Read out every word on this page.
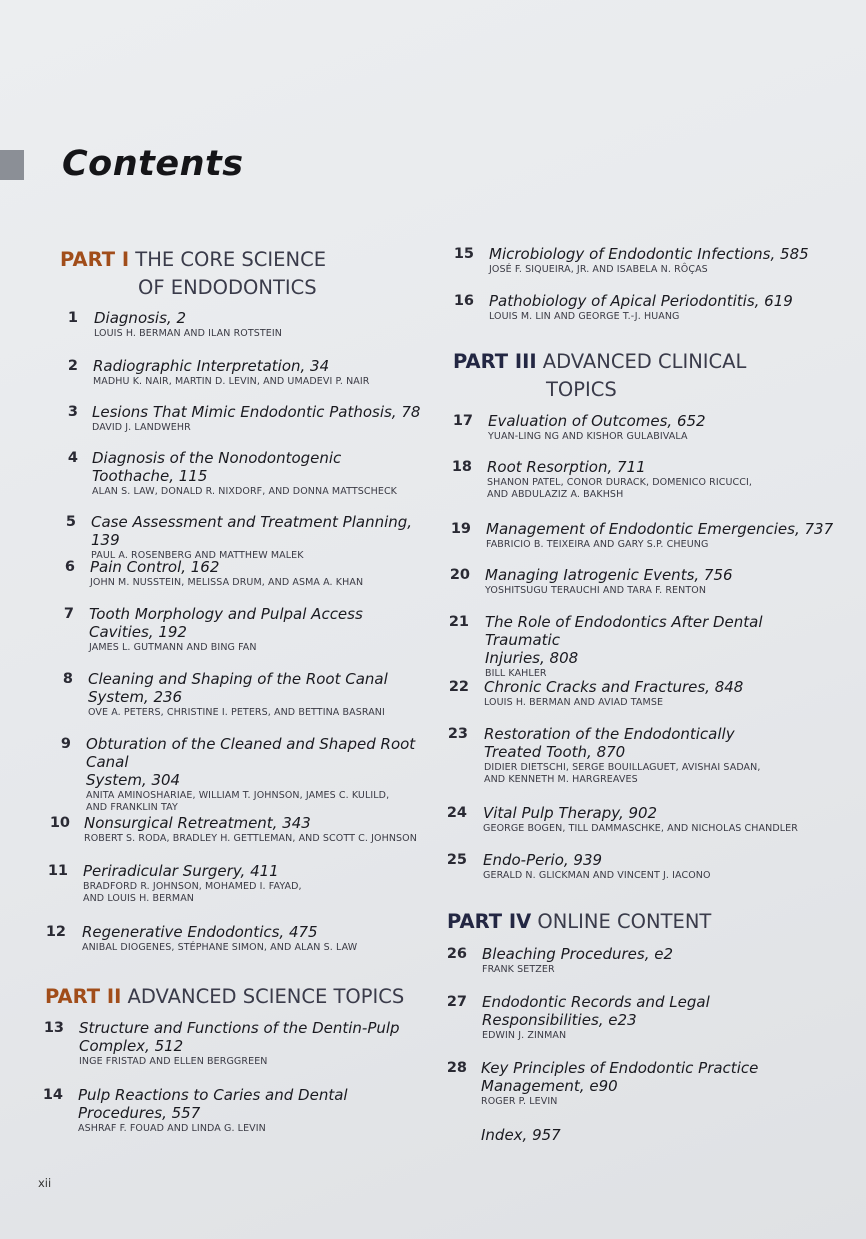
Contents
PART I THE CORE SCIENCE
OF ENDODONTICS
PART II ADVANCED SCIENCE TOPICS
PART III ADVANCED CLINICAL
TOPICS
PART IV ONLINE CONTENT
1 Diagnosis, 2
LOUIS H. BERMAN AND ILAN ROTSTEIN
2 Radiographic Interpretation, 34
MADHU K. NAIR, MARTIN D. LEVIN, AND UMADEVI P. NAIR
3 Lesions That Mimic Endodontic Pathosis, 78
DAVID J. LANDWEHR
4 Diagnosis of the Nonodontogenic
Toothache, 115
ALAN S. LAW, DONALD R. NIXDORF, AND DONNA MATTSCHECK
5 Case Assessment and Treatment Planning, 139
PAUL A. ROSENBERG AND MATTHEW MALEK
6 Pain Control, 162
JOHN M. NUSSTEIN, MELISSA DRUM, AND ASMA A. KHAN
7 Tooth Morphology and Pulpal Access
Cavities, 192
JAMES L. GUTMANN AND BING FAN
8 Cleaning and Shaping of the Root Canal
System, 236
OVE A. PETERS, CHRISTINE I. PETERS, AND BETTINA BASRANI
9 Obturation of the Cleaned and Shaped Root Canal
System, 304
ANITA AMINOSHARIAE, WILLIAM T. JOHNSON, JAMES C. KULILD,
AND FRANKLIN TAY
10 Nonsurgical Retreatment, 343
ROBERT S. RODA, BRADLEY H. GETTLEMAN, AND SCOTT C. JOHNSON
11 Periradicular Surgery, 411
BRADFORD R. JOHNSON, MOHAMED I. FAYAD,
AND LOUIS H. BERMAN
12 Regenerative Endodontics, 475
ANIBAL DIOGENES, STÉPHANE SIMON, AND ALAN S. LAW
13 Structure and Functions of the Dentin-Pulp
Complex, 512
INGE FRISTAD AND ELLEN BERGGREEN
14 Pulp Reactions to Caries and Dental
Procedures, 557
ASHRAF F. FOUAD AND LINDA G. LEVIN
15 Microbiology of Endodontic Infections, 585
JOSÉ F. SIQUEIRA, JR. AND ISABELA N. RÔÇAS
16 Pathobiology of Apical Periodontitis, 619
LOUIS M. LIN AND GEORGE T.-J. HUANG
17 Evaluation of Outcomes, 652
YUAN-LING NG AND KISHOR GULABIVALA
18 Root Resorption, 711
SHANON PATEL, CONOR DURACK, DOMENICO RICUCCI,
AND ABDULAZIZ A. BAKHSH
19 Management of Endodontic Emergencies, 737
FABRICIO B. TEIXEIRA AND GARY S.P. CHEUNG
20 Managing Iatrogenic Events, 756
YOSHITSUGU TERAUCHI AND TARA F. RENTON
21 The Role of Endodontics After Dental Traumatic
Injuries, 808
BILL KAHLER
22 Chronic Cracks and Fractures, 848
LOUIS H. BERMAN AND AVIAD TAMSE
23 Restoration of the Endodontically
Treated Tooth, 870
DIDIER DIETSCHI, SERGE BOUILLAGUET, AVISHAI SADAN,
AND KENNETH M. HARGREAVES
24 Vital Pulp Therapy, 902
GEORGE BOGEN, TILL DAMMASCHKE, AND NICHOLAS CHANDLER
25 Endo-Perio, 939
GERALD N. GLICKMAN AND VINCENT J. IACONO
26 Bleaching Procedures, e2
FRANK SETZER
27 Endodontic Records and Legal
Responsibilities, e23
EDWIN J. ZINMAN
28 Key Principles of Endodontic Practice
Management, e90
ROGER P. LEVIN
Index, 957
xii
